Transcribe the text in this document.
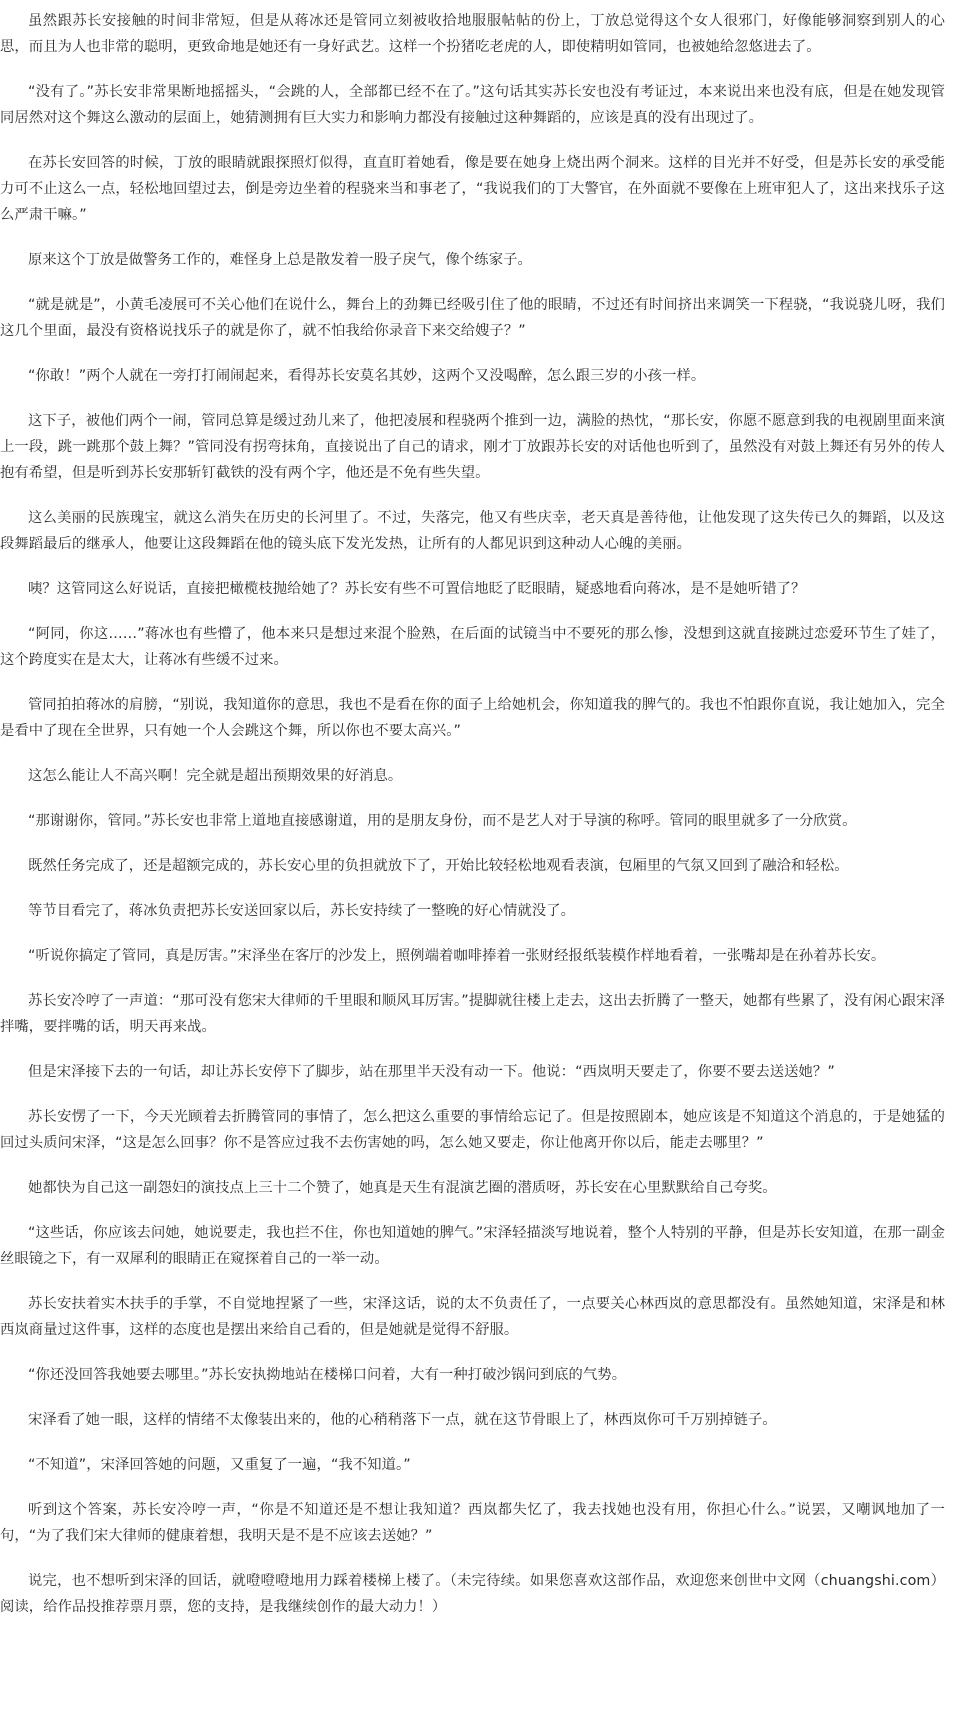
虽然跟苏长安接触的时间非常短，但是从蒋冰还是管同立刻被收拾地服服帖帖的份上，丁放总觉得这个女人很邪门，好像能够洞察到别人的心思，而且为人也非常的聪明，更致命地是她还有一身好武艺。这样一个扮猪吃老虎的人，即使精明如管同，也被她给忽悠进去了。

“没有了。”苏长安非常果断地摇摇头，“会跳的人，全部都已经不在了。”这句话其实苏长安也没有考证过，本来说出来也没有底，但是在她发现管同居然对这个舞这么激动的层面上，她猜测拥有巨大实力和影响力都没有接触过这种舞蹈的，应该是真的没有出现过了。

在苏长安回答的时候，丁放的眼睛就跟探照灯似得，直直盯着她看，像是要在她身上烧出两个洞来。这样的目光并不好受，但是苏长安的承受能力可不止这么一点，轻松地回望过去，倒是旁边坐着的程骁来当和事老了，“我说我们的丁大警官，在外面就不要像在上班审犯人了，这出来找乐子这么严肃干嘛。”

原来这个丁放是做警务工作的，难怪身上总是散发着一股子戾气，像个练家子。

“就是就是”，小黄毛凌展可不关心他们在说什么，舞台上的劲舞已经吸引住了他的眼睛，不过还有时间挤出来调笑一下程骁，“我说骁儿呀，我们这几个里面，最没有资格说找乐子的就是你了，就不怕我给你录音下来交给嫂子？”

“你敢！”两个人就在一旁打打闹闹起来，看得苏长安莫名其妙，这两个又没喝醉，怎么跟三岁的小孩一样。

这下子，被他们两个一闹，管同总算是缓过劲儿来了，他把凌展和程骁两个推到一边，满脸的热忱，“那长安，你愿不愿意到我的电视剧里面来演上一段，跳一跳那个鼓上舞？”管同没有拐弯抹角，直接说出了自己的请求，刚才丁放跟苏长安的对话他也听到了，虽然没有对鼓上舞还有另外的传人抱有希望，但是听到苏长安那斩钉截铁的没有两个字，他还是不免有些失望。

这么美丽的民族瑰宝，就这么消失在历史的长河里了。不过，失落完，他又有些庆幸，老天真是善待他，让他发现了这失传已久的舞蹈，以及这段舞蹈最后的继承人，他要让这段舞蹈在他的镜头底下发光发热，让所有的人都见识到这种动人心魄的美丽。

咦？这管同这么好说话，直接把橄榄枝抛给她了？苏长安有些不可置信地眨了眨眼睛，疑惑地看向蒋冰，是不是她听错了？

“阿同，你这……”蒋冰也有些懵了，他本来只是想过来混个脸熟，在后面的试镜当中不要死的那么惨，没想到这就直接跳过恋爱环节生了娃了，这个跨度实在是太大，让蒋冰有些缓不过来。

管同拍拍蒋冰的肩膀，“别说，我知道你的意思，我也不是看在你的面子上给她机会，你知道我的脾气的。我也不怕跟你直说，我让她加入，完全是看中了现在全世界，只有她一个人会跳这个舞，所以你也不要太高兴。”

这怎么能让人不高兴啊！完全就是超出预期效果的好消息。

“那谢谢你，管同。”苏长安也非常上道地直接感谢道，用的是朋友身份，而不是艺人对于导演的称呼。管同的眼里就多了一分欣赏。

既然任务完成了，还是超额完成的，苏长安心里的负担就放下了，开始比较轻松地观看表演，包厢里的气氛又回到了融洽和轻松。

等节目看完了，蒋冰负责把苏长安送回家以后，苏长安持续了一整晚的好心情就没了。

“听说你搞定了管同，真是厉害。”宋泽坐在客厅的沙发上，照例端着咖啡捧着一张财经报纸装模作样地看着，一张嘴却是在孙着苏长安。

苏长安冷哼了一声道：“那可没有您宋大律师的千里眼和顺风耳厉害。”提脚就往楼上走去，这出去折腾了一整天，她都有些累了，没有闲心跟宋泽拌嘴，要拌嘴的话，明天再来战。

但是宋泽接下去的一句话，却让苏长安停下了脚步，站在那里半天没有动一下。他说：“西岚明天要走了，你要不要去送送她？”

苏长安愣了一下，今天光顾着去折腾管同的事情了，怎么把这么重要的事情给忘记了。但是按照剧本，她应该是不知道这个消息的，于是她猛的回过头质问宋泽，“这是怎么回事？你不是答应过我不去伤害她的吗，怎么她又要走，你让他离开你以后，能走去哪里？”

她都快为自己这一副怨妇的演技点上三十二个赞了，她真是天生有混演艺圈的潜质呀，苏长安在心里默默给自己夸奖。

“这些话，你应该去问她，她说要走，我也拦不住，你也知道她的脾气。”宋泽轻描淡写地说着，整个人特别的平静，但是苏长安知道，在那一副金丝眼镜之下，有一双犀利的眼睛正在窥探着自己的一举一动。

苏长安扶着实木扶手的手掌，不自觉地捏紧了一些，宋泽这话，说的太不负责任了，一点要关心林西岚的意思都没有。虽然她知道，宋泽是和林西岚商量过这件事，这样的态度也是摆出来给自己看的，但是她就是觉得不舒服。

“你还没回答我她要去哪里。”苏长安执拗地站在楼梯口问着，大有一种打破沙锅问到底的气势。

宋泽看了她一眼，这样的情绪不太像装出来的，他的心稍稍落下一点，就在这节骨眼上了，林西岚你可千万别掉链子。

“不知道”，宋泽回答她的问题，又重复了一遍，“我不知道。”

听到这个答案，苏长安冷哼一声，“你是不知道还是不想让我知道？西岚都失忆了，我去找她也没有用，你担心什么。”说罢，又嘲讽地加了一句，“为了我们宋大律师的健康着想，我明天是不是不应该去送她？”

说完，也不想听到宋泽的回话，就噔噔噔地用力踩着楼梯上楼了。（未完待续。如果您喜欢这部作品，欢迎您来创世中文网（chuangshi.com）阅读，给作品投推荐票月票，您的支持，是我继续创作的最大动力！）
